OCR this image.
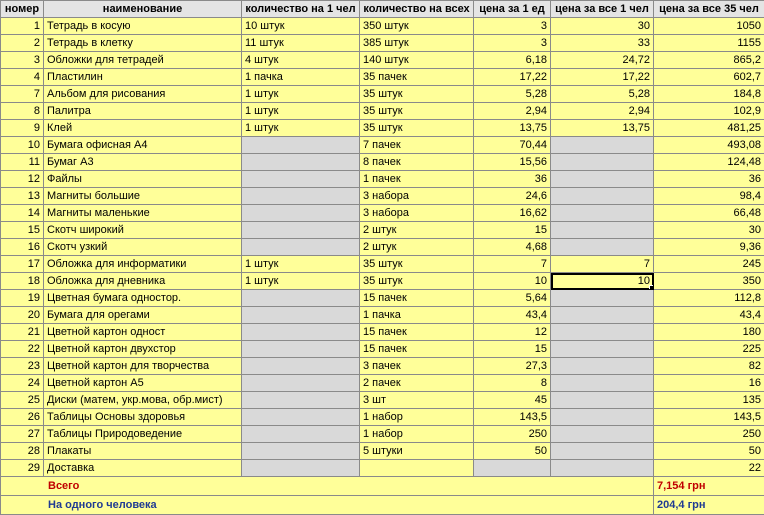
номер	наименование	количество на 1 чел	количество на всех	цена за 1 ед	цена за все 1 чел	цена за все 35 чел
1	Тетрадь в косую	10 штук	350 штук	3	30	1050
2	Тетрадь в клетку	11 штук	385 штук	3	33	1155
3	Обложки для тетрадей	4 штук	140 штук	6,18	24,72	865,2
4	Пластилин	1 пачка	35 пачек	17,22	17,22	602,7
7	Альбом для рисования	1 штук	35 штук	5,28	5,28	184,8
8	Палитра	1 штук	35 штук	2,94	2,94	102,9
9	Клей	1 штук	35 штук	13,75	13,75	481,25
10	Бумага офисная А4		7 пачек	70,44		493,08
11	Бумаг А3		8 пачек	15,56		124,48
12	Файлы		1 пачек	36		36
13	Магниты большие		3 набора	24,6		98,4
14	Магниты маленькие		3 набора	16,62		66,48
15	Скотч широкий		2 штук	15		30
16	Скотч узкий		2 штук	4,68		9,36
17	Обложка для информатики	1 штук	35 штук	7	7	245
18	Обложка для дневника	1 штук	35 штук	10	10	350
19	Цветная бумага одностор.		15 пачек	5,64		112,8
20	Бумага для орегами		1 пачка	43,4		43,4
21	Цветной картон одност		15 пачек	12		180
22	Цветной картон двухстор		15 пачек	15		225
23	Цветной картон для творчества		3 пачек	27,3		82
24	Цветной картон А5		2 пачек	8		16
25	Диски (матем, укр.мова, обр.мист)		3 шт	45		135
26	Таблицы Основы здоровья		1 набор	143,5		143,5
27	Таблицы Природоведение		1 набор	250		250
28	Плакаты		5 штуки	50		50
29	Доставка					22
Всего						7,154 грн
На одного человека						204,4 грн
